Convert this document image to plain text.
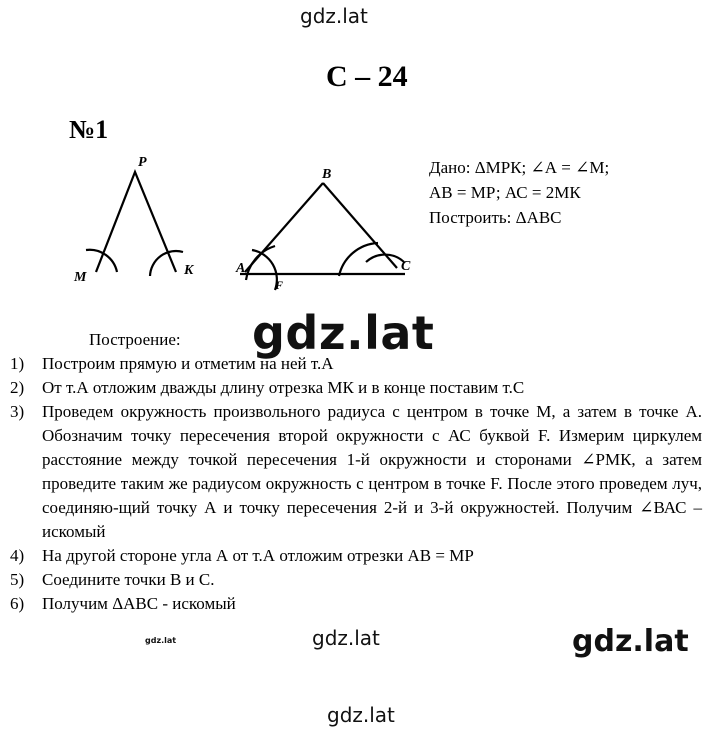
gdz.lat
gdz.lat
gdz.lat	gdz.lat
gdz.lat
gdz.lat
С – 24
№1
P
M	K
B
A	C
F
Дано: ΔМРК; ∠А = ∠М;
АВ = МР; АС = 2МК
Построить: ΔАВС
Построение:
1) Построим прямую и отметим на ней т.А
2) От т.А отложим дважды длину отрезка МК и в конце поставим т.С
3) Проведем окружность произвольного радиуса с центром в точке М, а затем в точке А. Обозначим точку пересечения второй окружности с АС буквой F. Измерим циркулем расстояние между точкой пересечения 1-й окружности и сторонами ∠РМК, а затем проведите таким же радиусом окружность с центром в точке F. После этого проведем луч, соединяю-щий точку А и точку пересечения 2-й и 3-й окружностей. Получим ∠ВАС – искомый
4) На другой стороне угла А от т.А отложим отрезки АВ = МР
5) Соедините точки В и С.
6) Получим ΔАВС - искомый
